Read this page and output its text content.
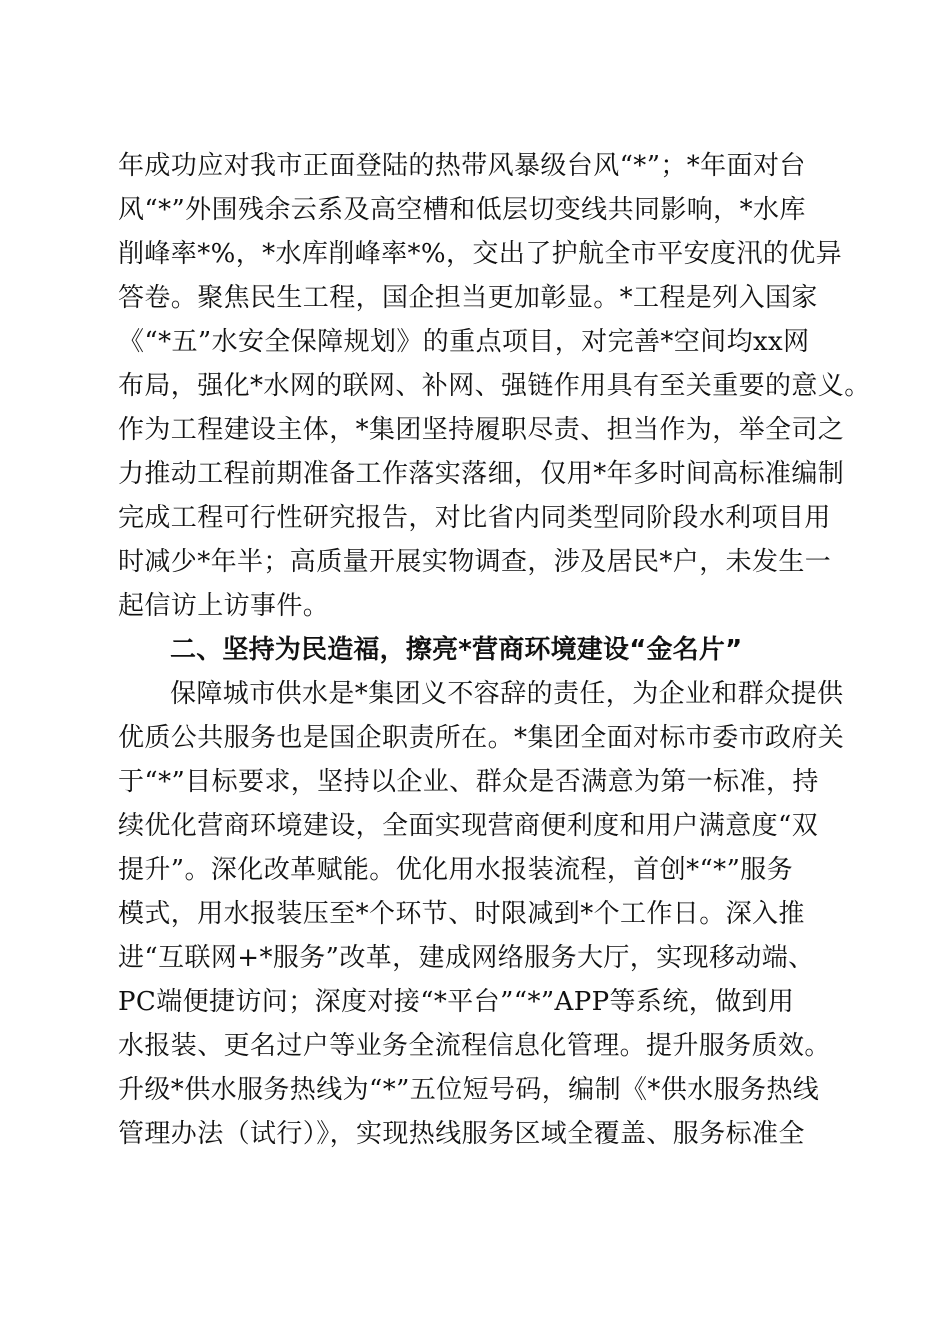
年成功应对我市正面登陆的热带风暴级台风“*”；*年面对台
风“*”外围残余云系及高空槽和低层切变线共同影响，*水库
削峰率*%，*水库削峰率*%，交出了护航全市平安度汛的优异
答卷。聚焦民生工程，国企担当更加彰显。*工程是列入国家
《“*五”水安全保障规划》的重点项目，对完善*空间均xx网
布局，强化*水网的联网、补网、强链作用具有至关重要的意义。
作为工程建设主体，*集团坚持履职尽责、担当作为，举全司之
力推动工程前期准备工作落实落细，仅用*年多时间高标准编制
完成工程可行性研究报告，对比省内同类型同阶段水利项目用
时减少*年半；高质量开展实物调查，涉及居民*户，未发生一
起信访上访事件。
二、坚持为民造福，擦亮*营商环境建设“金名片”
保障城市供水是*集团义不容辞的责任，为企业和群众提供
优质公共服务也是国企职责所在。*集团全面对标市委市政府关
于“*”目标要求，坚持以企业、群众是否满意为第一标准，持
续优化营商环境建设，全面实现营商便利度和用户满意度“双
提升”。深化改革赋能。优化用水报装流程，首创*“*”服务
模式，用水报装压至*个环节、时限减到*个工作日。深入推
进“互联网+*服务”改革，建成网络服务大厅，实现移动端、
PC端便捷访问；深度对接“*平台”“*”APP等系统，做到用
水报装、更名过户等业务全流程信息化管理。提升服务质效。
升级*供水服务热线为“*”五位短号码，编制《*供水服务热线
管理办法（试行）》，实现热线服务区域全覆盖、服务标准全
